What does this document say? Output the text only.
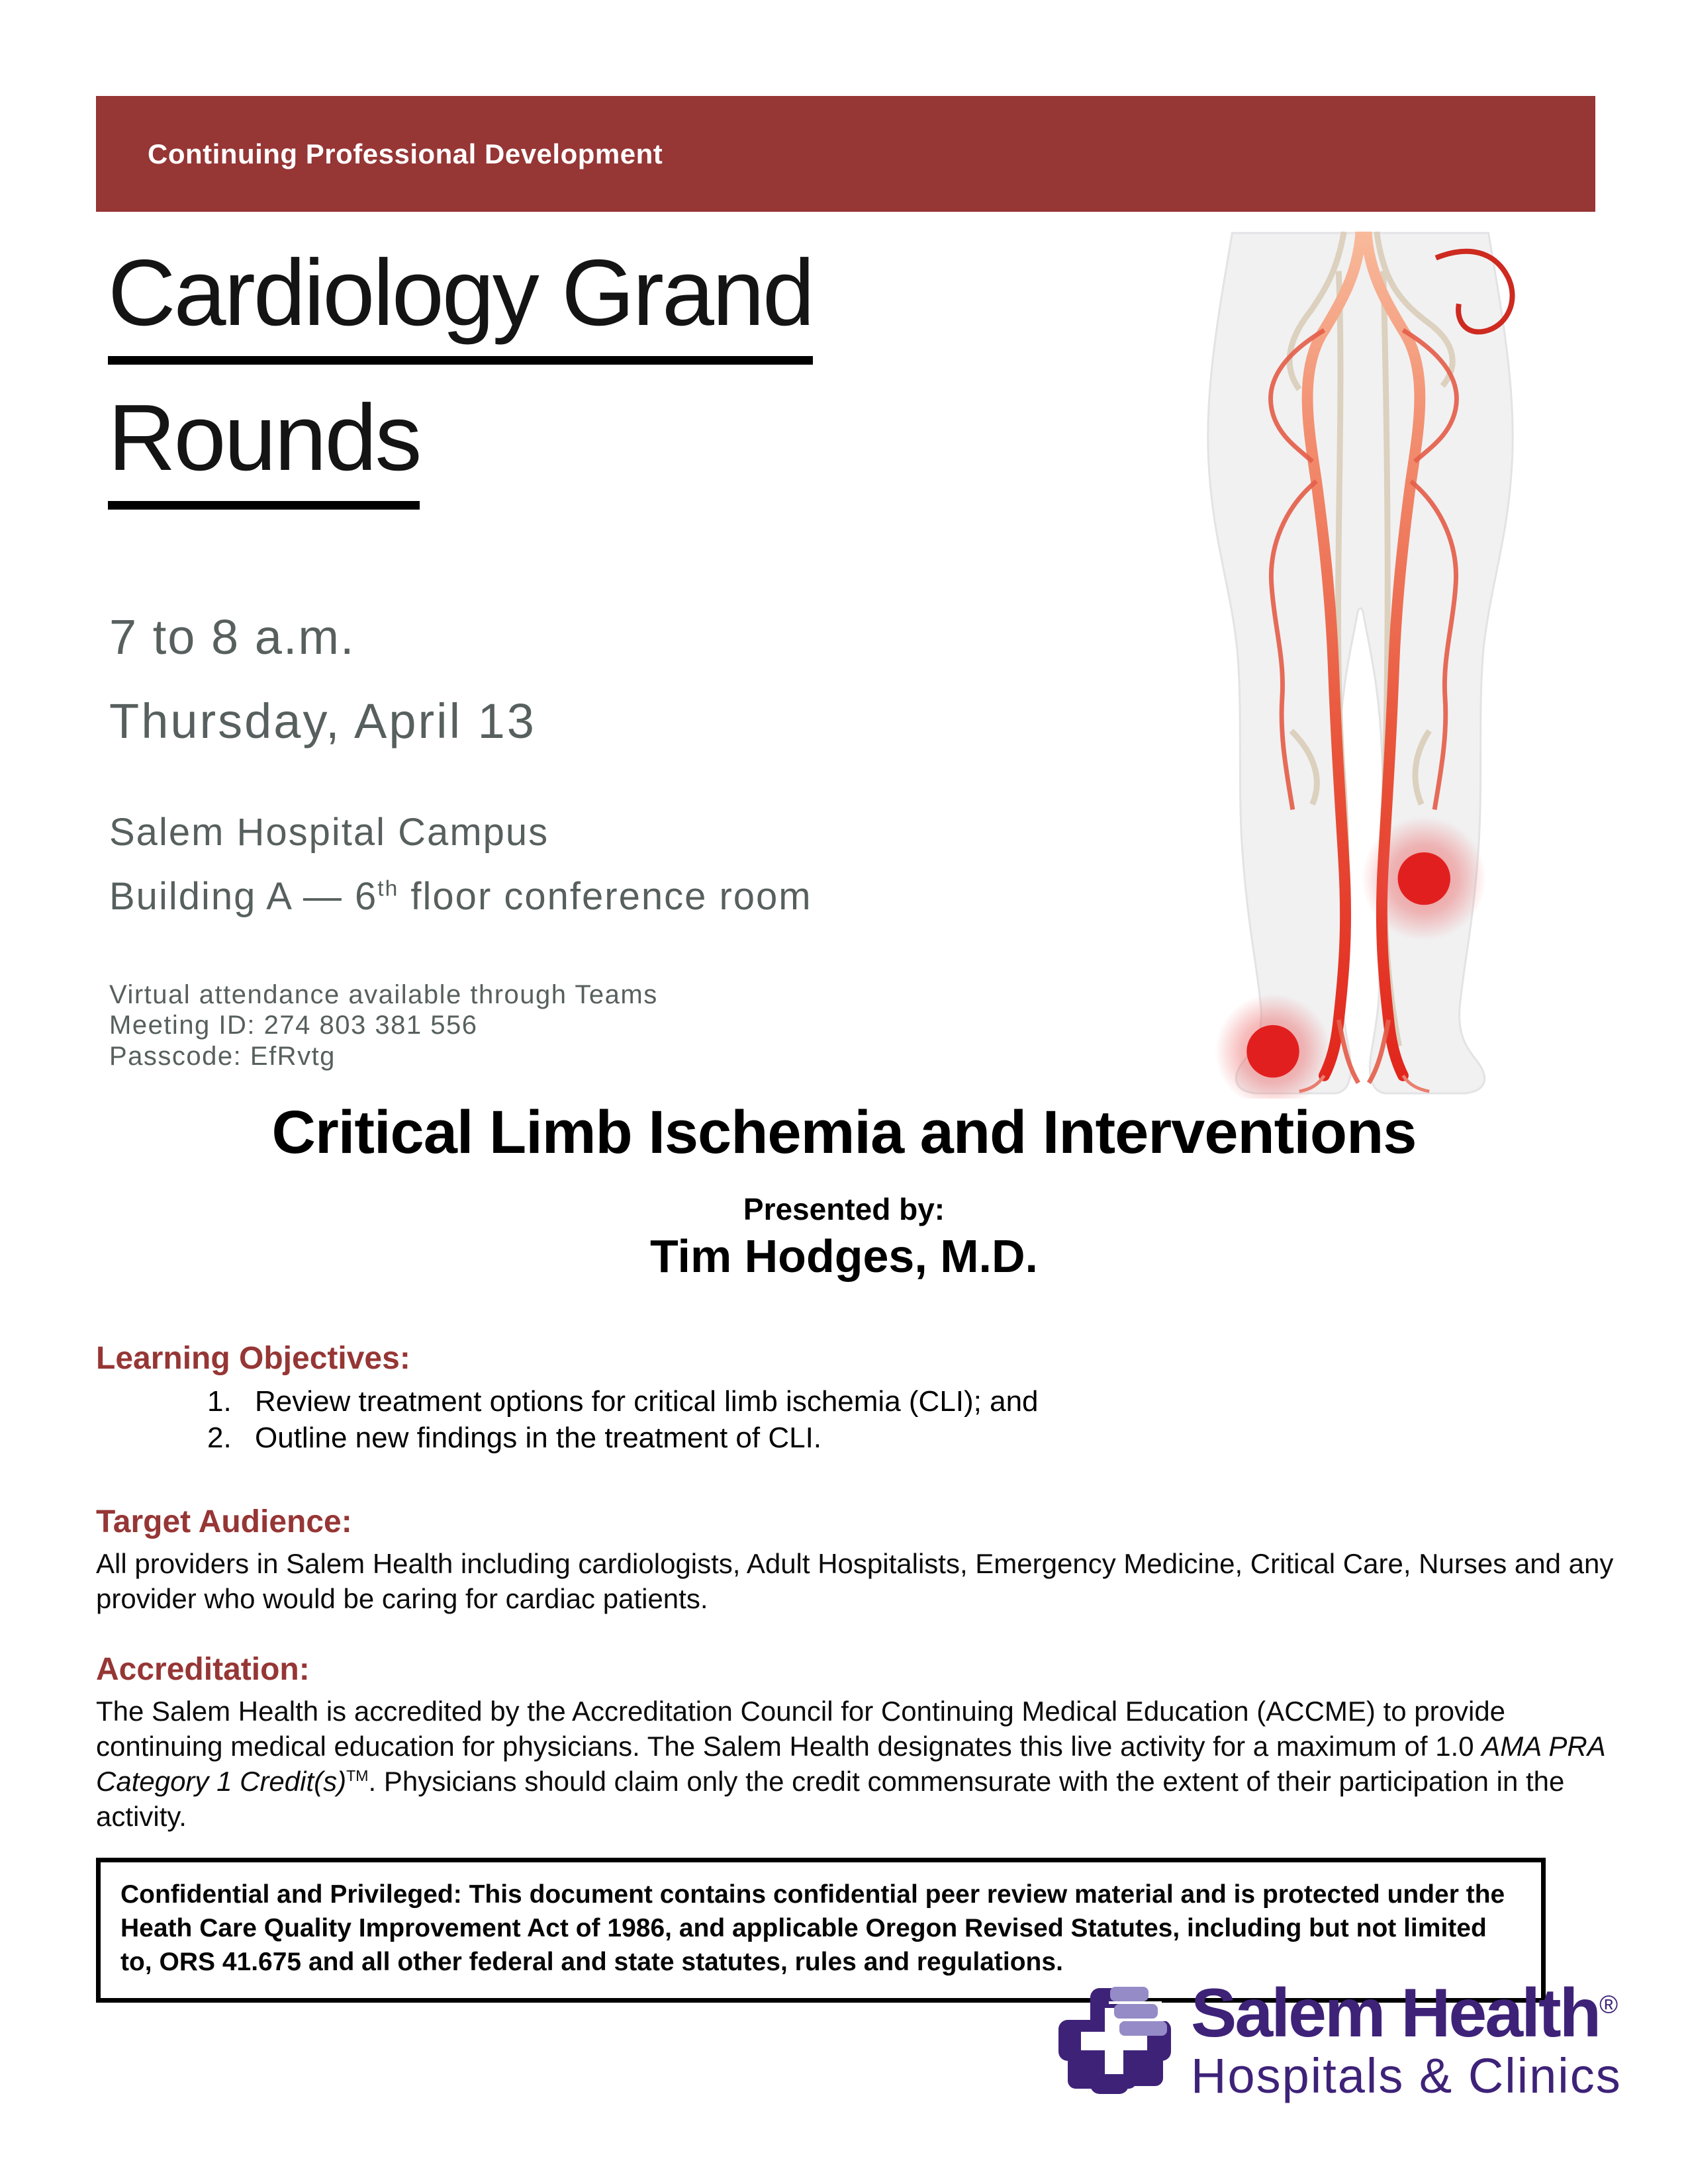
Continuing Professional Development
Cardiology Grand
Rounds

7 to 8 a.m.

Thursday, April 13

Salem Hospital Campus

Building A — 6th floor conference room

Virtual attendance available through Teams

Meeting ID: 274 803 381 556

Passcode: EfRvtg

Critical Limb Ischemia and Interventions

Presented by:

Tim Hodges, M.D.

Learning Objectives:
1. Review treatment options for critical limb ischemia (CLI); and
2. Outline new findings in the treatment of CLI.
Target Audience:

All providers in Salem Health including cardiologists, Adult Hospitalists, Emergency Medicine, Critical Care, Nurses and any provider who would be caring for cardiac patients.

Accreditation:

The Salem Health is accredited by the Accreditation Council for Continuing Medical Education (ACCME) to provide continuing medical education for physicians. The Salem Health designates this live activity for a maximum of 1.0 AMA PRA Category 1 Credit(s)™. Physicians should claim only the credit commensurate with the extent of their participation in the activity.

Confidential and Privileged: This document contains confidential peer review material and is protected under the Heath Care Quality Improvement Act of 1986, and applicable Oregon Revised Statutes, including but not limited to, ORS 41.675 and all other federal and state statutes, rules and regulations.

Salem Health®
Hospitals & Clinics
